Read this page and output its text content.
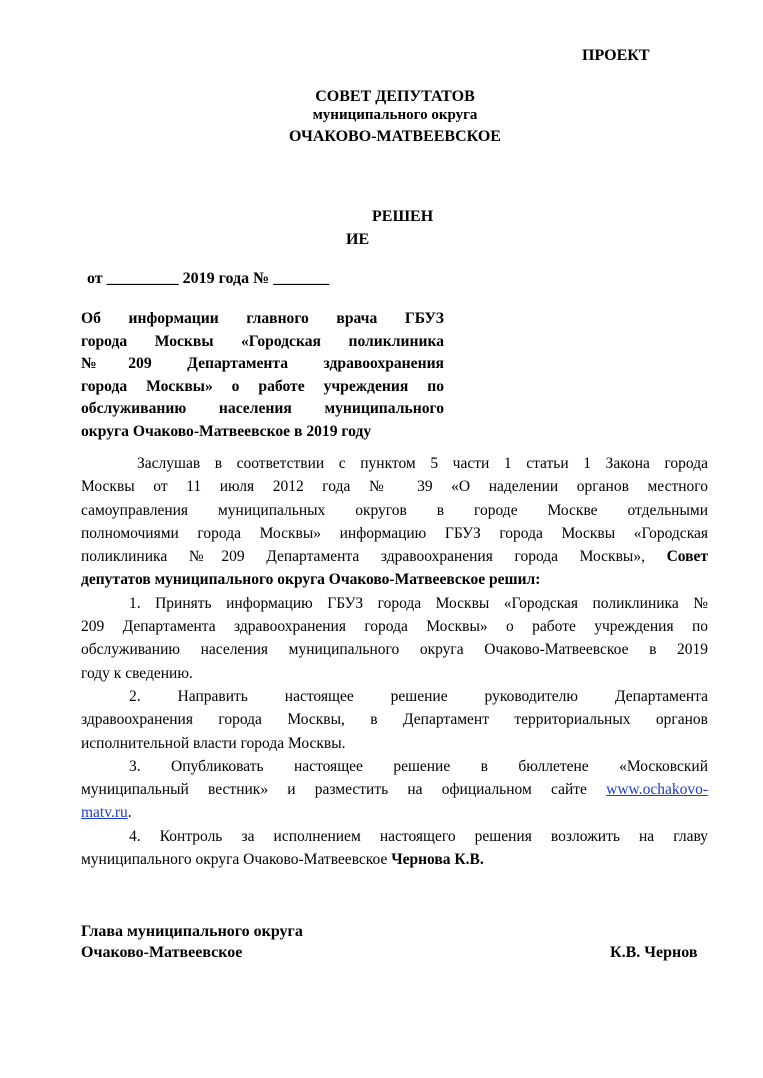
ПРОЕКТ
СОВЕТ ДЕПУТАТОВ
муниципального округа
ОЧАКОВО-МАТВЕЕВСКОЕ
РЕШЕН
ИЕ
от _________ 2019 года № _______
Об информации главного врача ГБУЗ
города Москвы «Городская поликлиника
№209 Департамента здравоохранения
города Москвы» о работе учреждения по
обслуживанию населения муниципального
округа Очаково-Матвеевское в 2019 году
Заслушав в соответствии с пунктом 5 части 1 статьи 1 Закона города
Москвы от 11 июля 2012 года № 39 «О наделении органов местного
самоуправления муниципальных округов в городе Москве отдельными
полномочиями города Москвы» информацию ГБУЗ города Москвы «Городская
поликлиника №209 Департамента здравоохранения города Москвы», Совет
депутатов муниципального округа Очаково-Матвеевское решил:
1. Принять информацию ГБУЗ города Москвы «Городская поликлиника №
209 Департамента здравоохранения города Москвы» о работе учреждения по
обслуживанию населения муниципального округа Очаково-Матвеевское в 2019
году к сведению.
2. Направить настоящее решение руководителю Департамента
здравоохранения города Москвы, в Департамент территориальных органов
исполнительной власти города Москвы.
3. Опубликовать настоящее решение в бюллетене «Московский
муниципальный вестник» и разместить на официальном сайте www.ochakovo-
matv.ru.
4. Контроль за исполнением настоящего решения возложить на главу
муниципального округа Очаково-Матвеевское Чернова К.В.
Глава муниципального округа
Очаково-Матвеевское	К.В. Чернов
